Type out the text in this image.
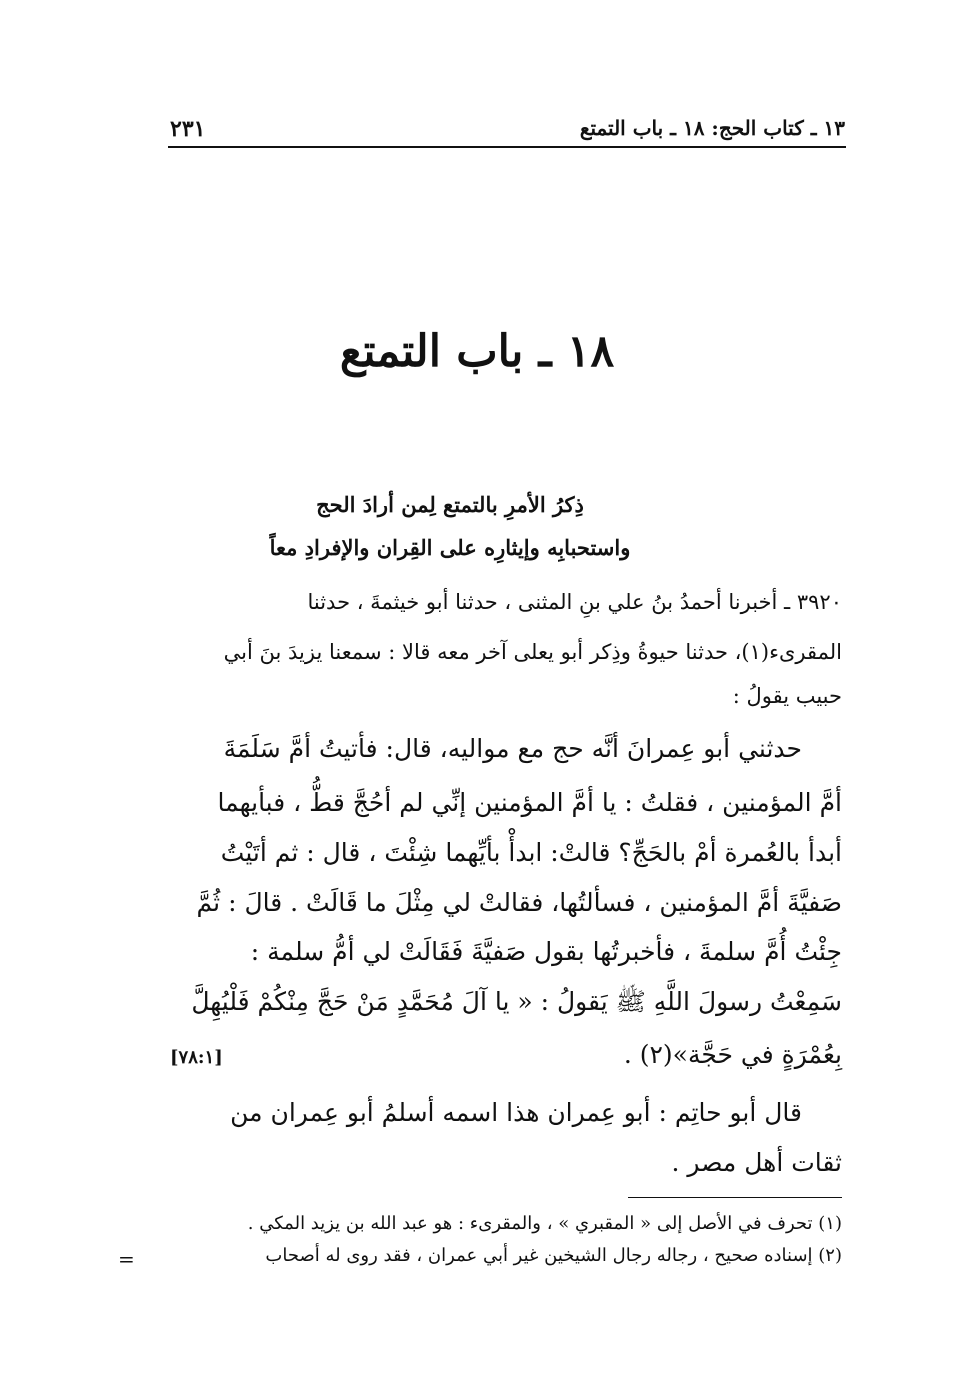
١٣ ـ كتاب الحج: ١٨ ـ باب التمتع
٢٣١
١٨ ـ باب التمتع
ذِكرُ الأمرِ بالتمتع لِمن أرادَ الحج
واستحبابِه وإيثارِه على القِران والإفرادِ معاً
٣٩٢٠ ـ أخبرنا أحمدُ بنُ علي بنِ المثنى ، حدثنا أبو خيثمةَ ، حدثنا
المقرىء(١)، حدثنا حيوةُ وذِكر أبو يعلى آخر معه قالا : سمعنا يزيدَ بنَ أبي
حبيب يقولُ :
حدثني أبو عِمرانَ أنَّه حج مع مواليه، قال: فأتيتُ أمَّ سَلَمَةَ
أمَّ المؤمنين ، فقلتُ : يا أمَّ المؤمنين إنِّي لم أحُجَّ قطُّ ، فبأيهما
أبدأ بالعُمرة أمْ بالحَجِّ؟ قالتْ: ابدأْ بأيِّهما شِئْتَ ، قال : ثم أتَيْتُ
صَفيَّةَ أمَّ المؤمنين ، فسألتُها، فقالتْ لي مِثْلَ ما قَالَتْ . قالَ : ثُمَّ
جِئْتُ أُمَّ سلمةَ ، فأخبرتُها بقول صَفيَّةَ فَقَالَتْ لي أمُّ سلمة :
سَمِعْتُ رسولَ اللَّهِ ﷺ يَقولُ : « يا آلَ مُحَمَّدٍ مَنْ حَجَّ مِنْكُمْ فَلْيُهِلَّ
بِعُمْرَةٍ في حَجَّة»(٢) .
[٧٨:١]
قال أبو حاتِم : أبو عِمران هذا اسمه أسلمُ أبو عِمران من
ثقات أهل مصر .
(١) تحرف في الأصل إلى « المقبري » ، والمقرىء : هو عبد الله بن يزيد المكي .
(٢) إسناده صحيح ، رجاله رجال الشيخين غير أبي عمران ، فقد روى له أصحاب
=
